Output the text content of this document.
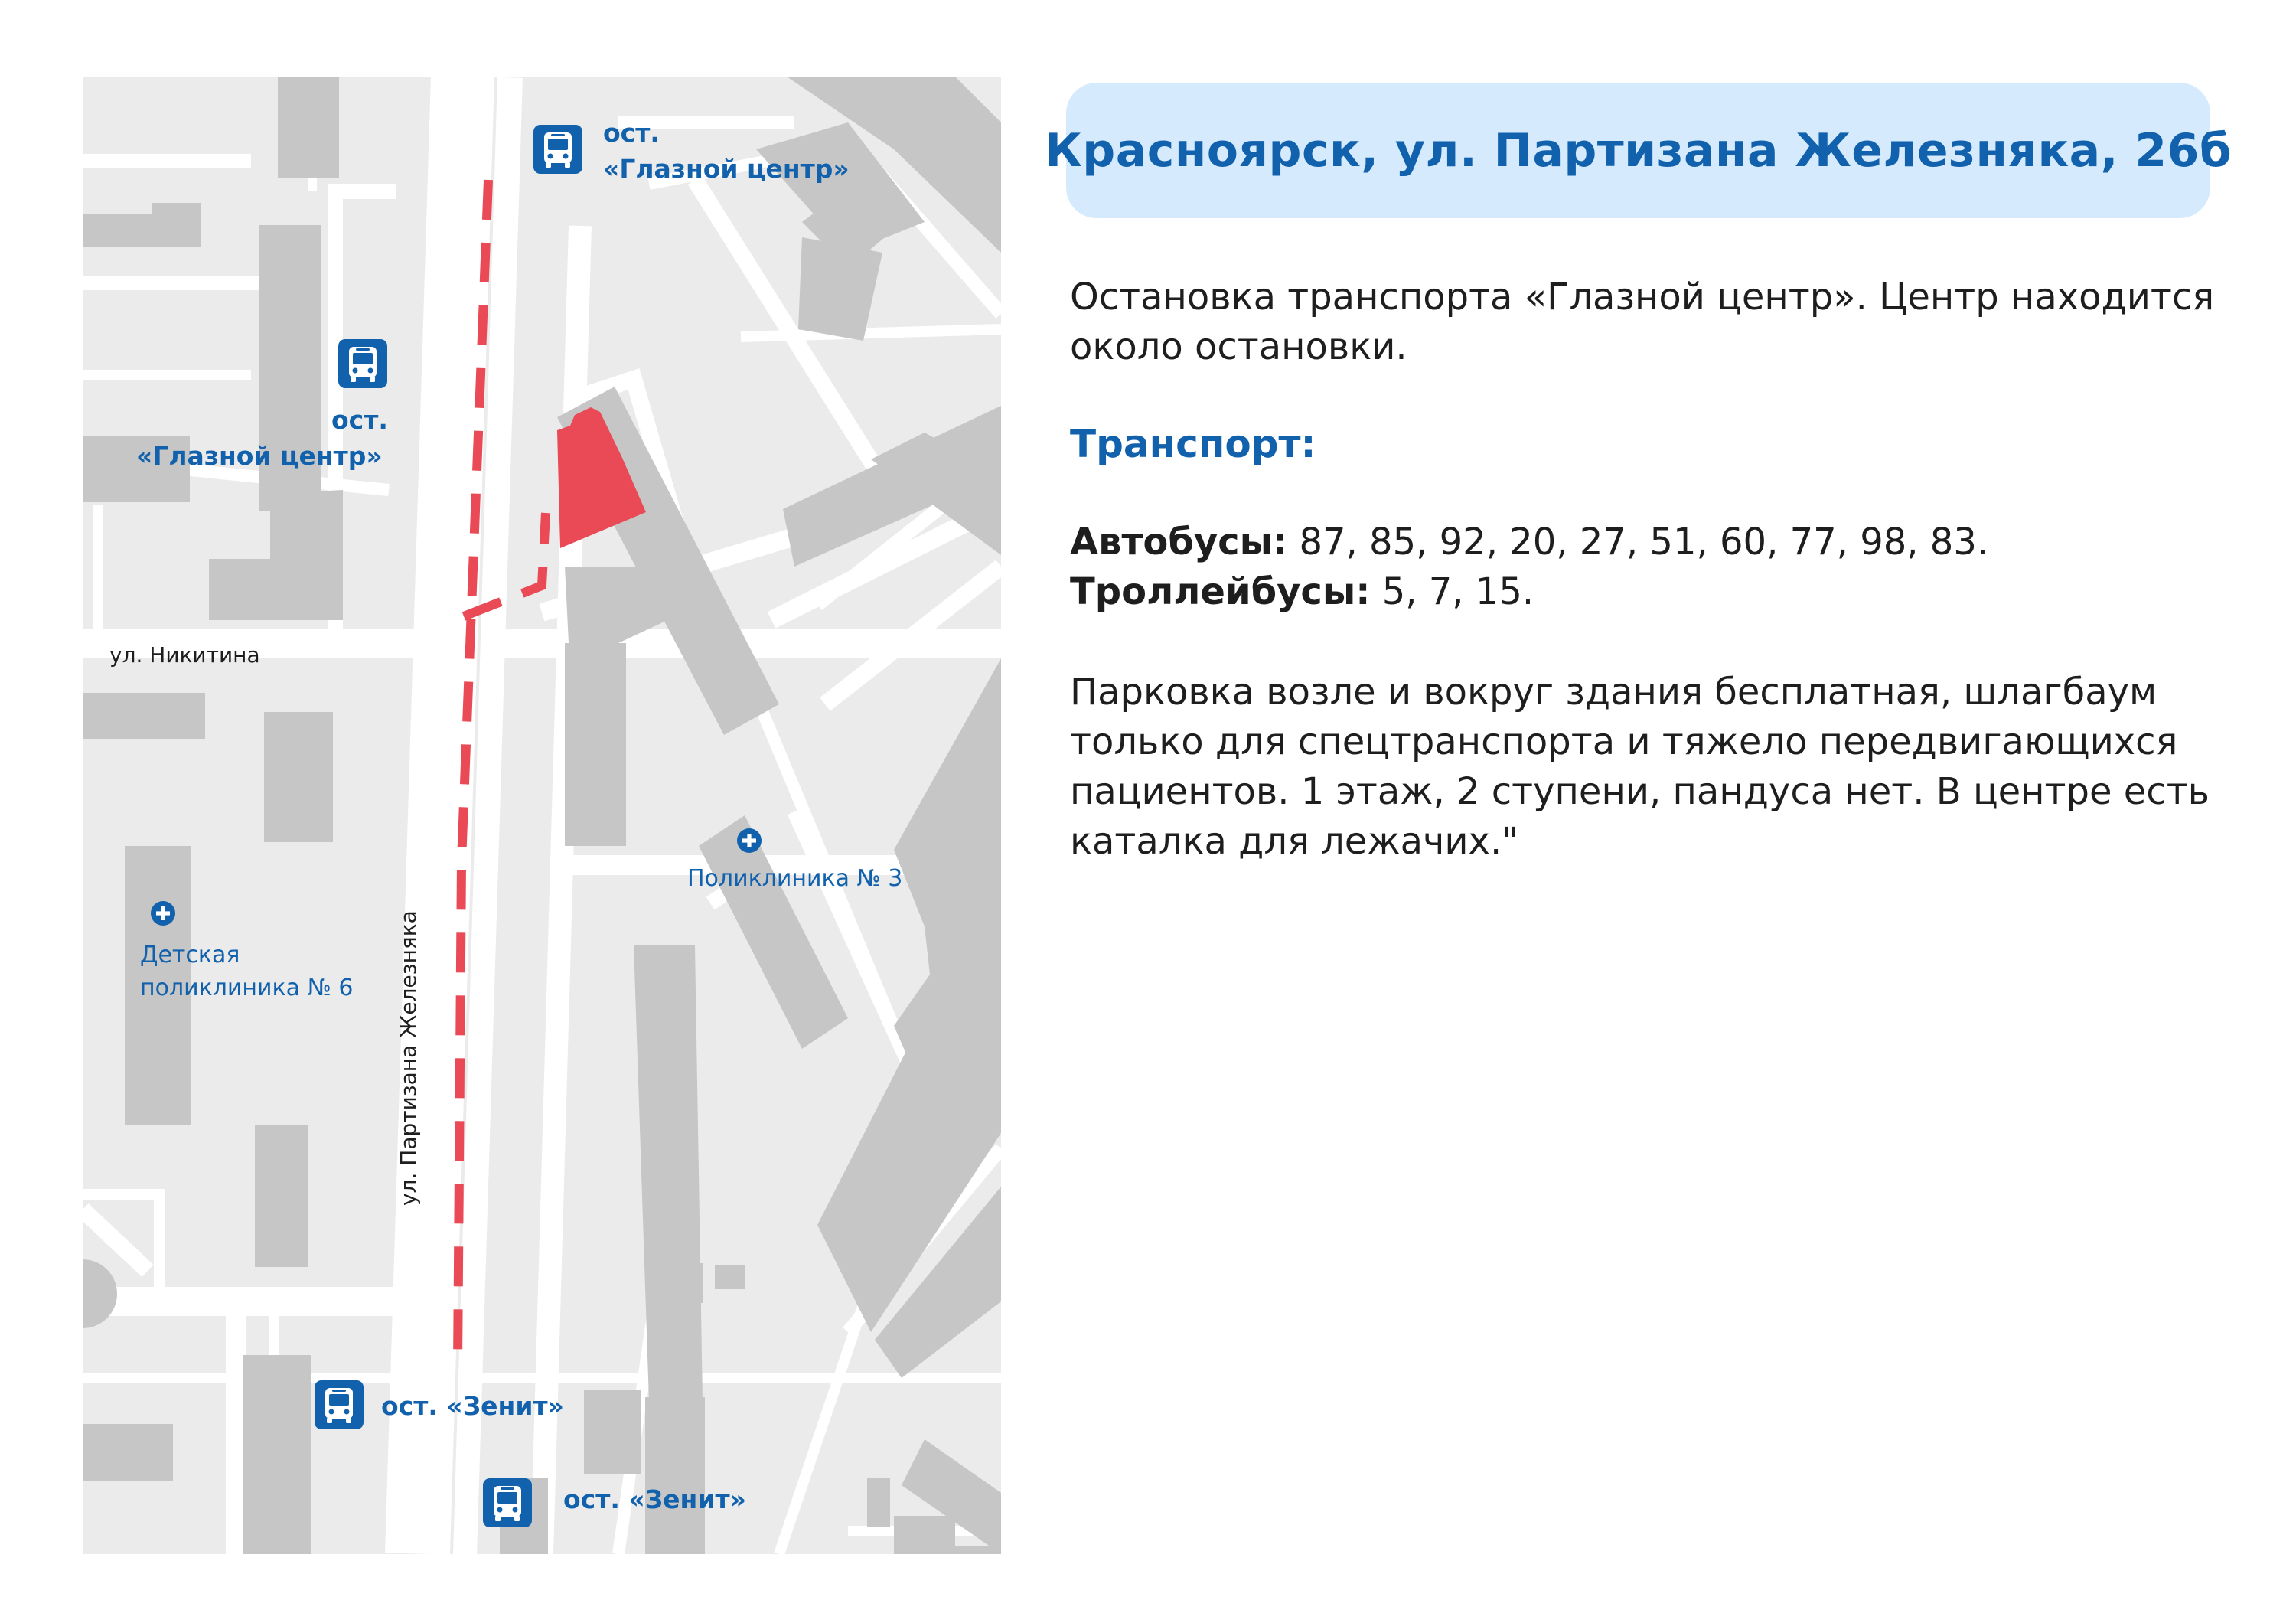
ост.
«Глазной центр»
ост.
«Глазной центр»
ост. «Зенит»
ост. «Зенит»
ул. Никитина
ул. Партизана Железняка
Поликлиника № 3
Детская
поликлиника № 6
Красноярск, ул. Партизана Железняка, 26б

Остановка транспорта «Глазной центр». Центр находится около остановки.

Транспорт:

Автобусы: 87, 85, 92, 20, 27, 51, 60, 77, 98, 83.
Троллейбусы: 5, 7, 15.

Парковка возле и вокруг здания бесплатная, шлагбаум только для спецтранспорта и тяжело передвигающихся пациентов. 1 этаж, 2 ступени, пандуса нет. В центре есть каталка для лежачих."
